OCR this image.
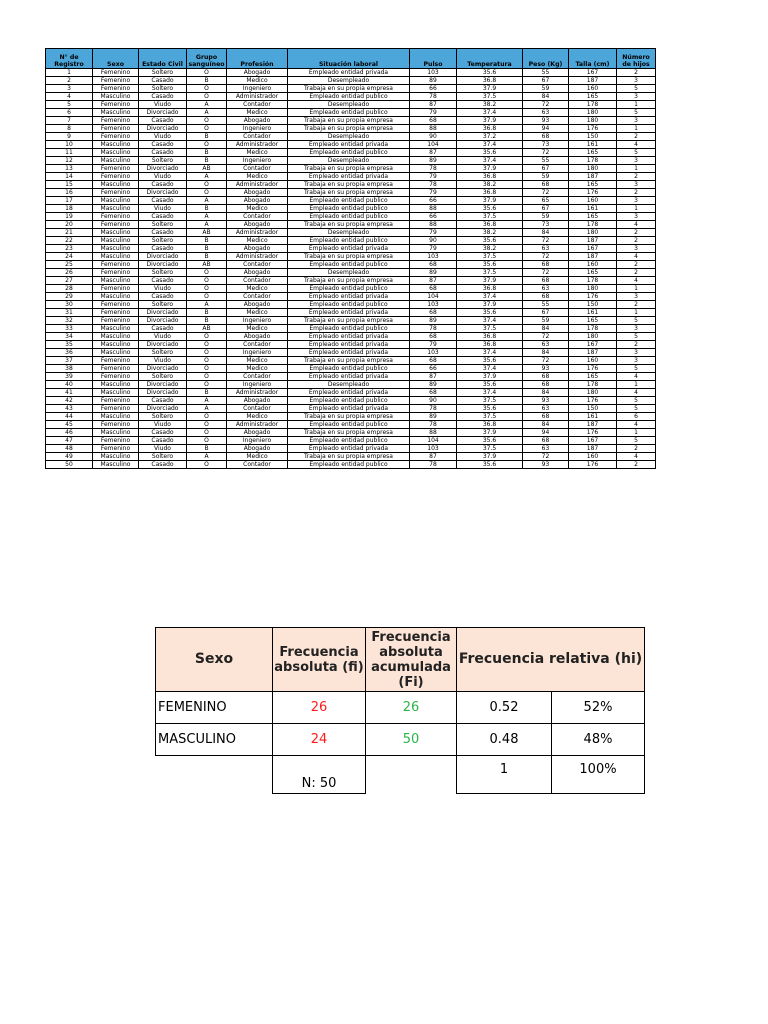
N° de Registro	Sexo	Estado Civil	Grupo sanguíneo	Profesión	Situación laboral	Pulso	Temperatura	Peso (Kg)	Talla (cm)	Número de hijos

1	Femenino	Soltero	O	Abogado	Empleado entidad privada	103	35.6	55	167	2
2	Femenino	Casado	B	Medico	Desempleado	89	36.8	67	187	3
3	Femenino	Soltero	O	Ingeniero	Trabaja en su propia empresa	66	37.9	59	160	5
4	Masculino	Casado	O	Administrador	Empleado entidad publico	78	37.5	84	165	3
5	Femenino	Viudo	A	Contador	Desempleado	87	38.2	72	178	1
6	Masculino	Divorciado	A	Medico	Empleado entidad publico	79	37.4	63	180	5
7	Femenino	Casado	O	Abogado	Trabaja en su propia empresa	68	37.9	93	180	3
8	Femenino	Divorciado	O	Ingeniero	Trabaja en su propia empresa	88	36.8	94	176	1
9	Femenino	Viudo	B	Contador	Desempleado	90	37.2	68	150	2
10	Masculino	Casado	O	Administrador	Empleado entidad privada	104	37.4	73	161	4
11	Masculino	Casado	B	Medico	Empleado entidad publico	87	35.6	72	165	5
12	Masculino	Soltero	B	Ingeniero	Desempleado	89	37.4	55	178	3
13	Femenino	Divorciado	AB	Contador	Trabaja en su propia empresa	78	37.9	67	180	1
14	Femenino	Viudo	A	Medico	Empleado entidad privada	79	36.8	59	187	2
15	Masculino	Casado	O	Administrador	Trabaja en su propia empresa	78	38.2	68	165	3
16	Femenino	Divorciado	O	Abogado	Trabaja en su propia empresa	79	36.8	72	176	2
17	Masculino	Casado	A	Abogado	Empleado entidad publico	66	37.9	65	160	3
18	Masculino	Viudo	B	Medico	Empleado entidad publico	88	35.6	67	161	1
19	Femenino	Casado	A	Contador	Empleado entidad publico	66	37.5	59	165	3
20	Femenino	Soltero	A	Abogado	Trabaja en su propia empresa	88	36.8	73	178	4
21	Masculino	Casado	AB	Administrador	Desempleado	79	38.2	84	180	2
22	Masculino	Soltero	B	Medico	Empleado entidad publico	90	35.6	72	187	2
23	Masculino	Casado	B	Abogado	Empleado entidad privada	79	38.2	63	167	3
24	Masculino	Divorciado	B	Administrador	Trabaja en su propia empresa	103	37.5	72	187	4
25	Femenino	Divorciado	AB	Contador	Empleado entidad publico	68	35.6	68	160	2
26	Femenino	Soltero	O	Abogado	Desempleado	89	37.5	72	165	2
27	Masculino	Casado	O	Contador	Trabaja en su propia empresa	87	37.9	68	178	4
28	Femenino	Viudo	O	Medico	Empleado entidad publico	68	36.8	63	180	1
29	Masculino	Casado	O	Contador	Empleado entidad privada	104	37.4	68	176	3
30	Femenino	Soltero	A	Abogado	Empleado entidad publico	103	37.9	55	150	2
31	Femenino	Divorciado	B	Medico	Empleado entidad privada	68	35.6	67	161	1
32	Femenino	Divorciado	B	Ingeniero	Trabaja en su propia empresa	89	37.4	59	165	5
33	Masculino	Casado	AB	Medico	Empleado entidad publico	78	37.5	84	178	3
34	Masculino	Viudo	O	Abogado	Empleado entidad privada	68	36.8	72	180	5
35	Masculino	Divorciado	O	Contador	Empleado entidad privada	79	36.8	63	167	2
36	Masculino	Soltero	O	Ingeniero	Empleado entidad privada	103	37.4	84	187	3
37	Femenino	Viudo	O	Medico	Trabaja en su propia empresa	68	35.6	72	160	3
38	Femenino	Divorciado	O	Medico	Empleado entidad publico	66	37.4	93	176	5
39	Femenino	Soltero	O	Contador	Empleado entidad privada	87	37.9	68	165	4
40	Masculino	Divorciado	O	Ingeniero	Desempleado	89	35.6	68	178	1
41	Masculino	Divorciado	B	Administrador	Empleado entidad privada	68	37.4	84	180	4
42	Femenino	Casado	A	Abogado	Empleado entidad publico	90	37.5	93	176	5
43	Femenino	Divorciado	A	Contador	Empleado entidad privada	78	35.6	63	150	5
44	Masculino	Soltero	O	Medico	Trabaja en su propia empresa	89	37.5	68	161	6
45	Femenino	Viudo	O	Administrador	Empleado entidad publico	78	36.8	84	187	4
46	Masculino	Casado	O	Abogado	Trabaja en su propia empresa	88	37.9	94	176	1
47	Femenino	Casado	O	Ingeniero	Empleado entidad publico	104	35.6	68	167	5
48	Femenino	Viudo	B	Abogado	Empleado entidad privada	103	37.5	63	187	2
49	Masculino	Soltero	A	Medico	Trabaja en su propia empresa	87	37.9	72	160	4
50	Masculino	Casado	O	Contador	Empleado entidad publico	78	35.6	93	176	2
Sexo	Frecuencia absoluta (fi)	Frecuencia absoluta acumulada (Fi)	Frecuencia relativa (hi)	
FEMENINO	26	26	0.52	52%
MASCULINO	24	50	0.48	48%
	N: 50		1	100%
